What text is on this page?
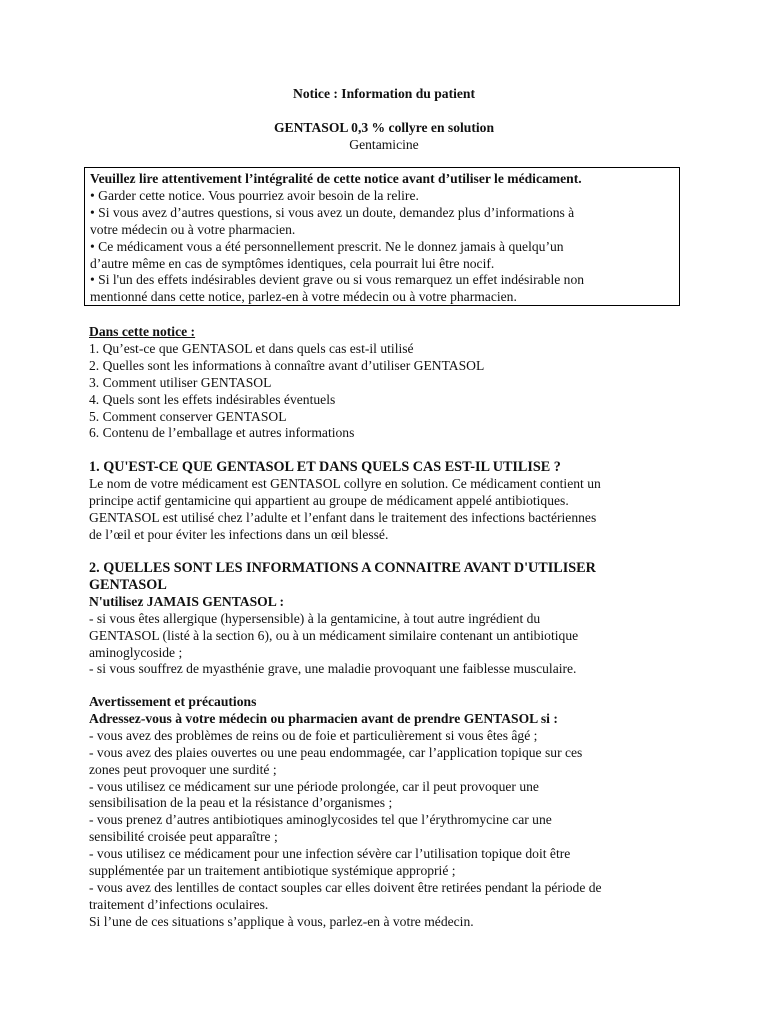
Notice : Information du patient
GENTASOL 0,3 % collyre en solution
Gentamicine
Veuillez lire attentivement l’intégralité de cette notice avant d’utiliser le médicament.
• Garder cette notice. Vous pourriez avoir besoin de la relire.
• Si vous avez d’autres questions, si vous avez un doute, demandez plus d’informations à
votre médecin ou à votre pharmacien.
• Ce médicament vous a été personnellement prescrit. Ne le donnez jamais à quelqu’un
d’autre même en cas de symptômes identiques, cela pourrait lui être nocif.
• Si l'un des effets indésirables devient grave ou si vous remarquez un effet indésirable non
mentionné dans cette notice, parlez-en à votre médecin ou à votre pharmacien.
Dans cette notice :
1. Qu’est-ce que GENTASOL et dans quels cas est-il utilisé
2. Quelles sont les informations à connaître avant d’utiliser GENTASOL
3. Comment utiliser GENTASOL
4. Quels sont les effets indésirables éventuels
5. Comment conserver GENTASOL
6. Contenu de l’emballage et autres informations
1. QU'EST-CE QUE GENTASOL ET DANS QUELS CAS EST-IL UTILISE ?
Le nom de votre médicament est GENTASOL collyre en solution. Ce médicament contient un
principe actif gentamicine qui appartient au groupe de médicament appelé antibiotiques.
GENTASOL est utilisé chez l’adulte et l’enfant dans le traitement des infections bactériennes
de l’œil et pour éviter les infections dans un œil blessé.
2. QUELLES SONT LES INFORMATIONS A CONNAITRE AVANT D'UTILISER
GENTASOL
N'utilisez JAMAIS GENTASOL :
- si vous êtes allergique (hypersensible) à la gentamicine, à tout autre ingrédient du
GENTASOL (listé à la section 6), ou à un médicament similaire contenant un antibiotique
aminoglycoside ;
- si vous souffrez de myasthénie grave, une maladie provoquant une faiblesse musculaire.
Avertissement et précautions
Adressez-vous à votre médecin ou pharmacien avant de prendre GENTASOL si :
- vous avez des problèmes de reins ou de foie et particulièrement si vous êtes âgé ;
- vous avez des plaies ouvertes ou une peau endommagée, car l’application topique sur ces
zones peut provoquer une surdité ;
- vous utilisez ce médicament sur une période prolongée, car il peut provoquer une
sensibilisation de la peau et la résistance d’organismes ;
- vous prenez d’autres antibiotiques aminoglycosides tel que l’érythromycine car une
sensibilité croisée peut apparaître ;
- vous utilisez ce médicament pour une infection sévère car l’utilisation topique doit être
supplémentée par un traitement antibiotique systémique approprié ;
- vous avez des lentilles de contact souples car elles doivent être retirées pendant la période de
traitement d’infections oculaires.
Si l’une de ces situations s’applique à vous, parlez-en à votre médecin.
